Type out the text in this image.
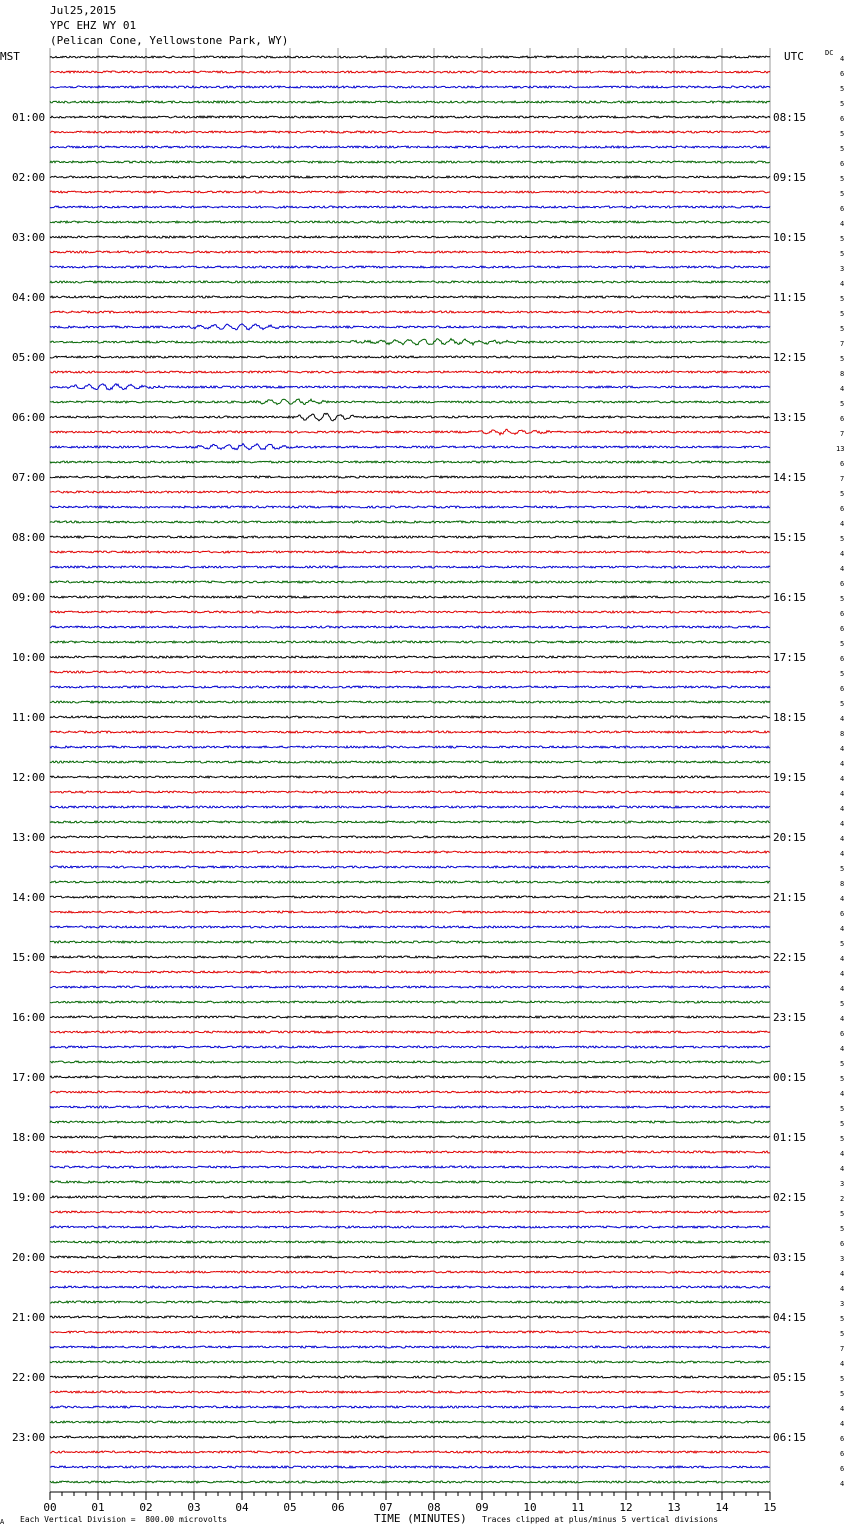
Jul25,2015
YPC EHZ WY 01
(Pelican Cone, Yellowstone Park, WY)
MST	UTC	DC
4
6
5
5
6
5
5
6
5
5
6
4
5
5
3
4
5
5
5
7
5
8
4
5
6
7
13
6
7
5
6
4
5
4
4
6
5
6
6
5
6
5
6
5
4
8
4
4
4
4
4
4
4
4
5
8
4
6
4
5
4
4
4
5
4
6
4
5
5
4
5
5
5
4
4
3
2
5
5
6
3
4
4
3
5
5
7
4
5
5
4
4
6
6
6
4
01:00	08:15
02:00	09:15
03:00	10:15
04:00	11:15
05:00	12:15
06:00	13:15
07:00	14:15
08:00	15:15
09:00	16:15
10:00	17:15
11:00	18:15
12:00	19:15
13:00	20:15
14:00	21:15
15:00	22:15
16:00	23:15
17:00	00:15
18:00	01:15
19:00	02:15
20:00	03:15
21:00	04:15
22:00	05:15
23:00	06:15
00	01	02	03	04	05	06	07	08	09	10	11	12	13	14	15
A Each Vertical Division =  800.00 microvolts	TIME (MINUTES) Traces clipped at plus/minus 5 vertical divisions
